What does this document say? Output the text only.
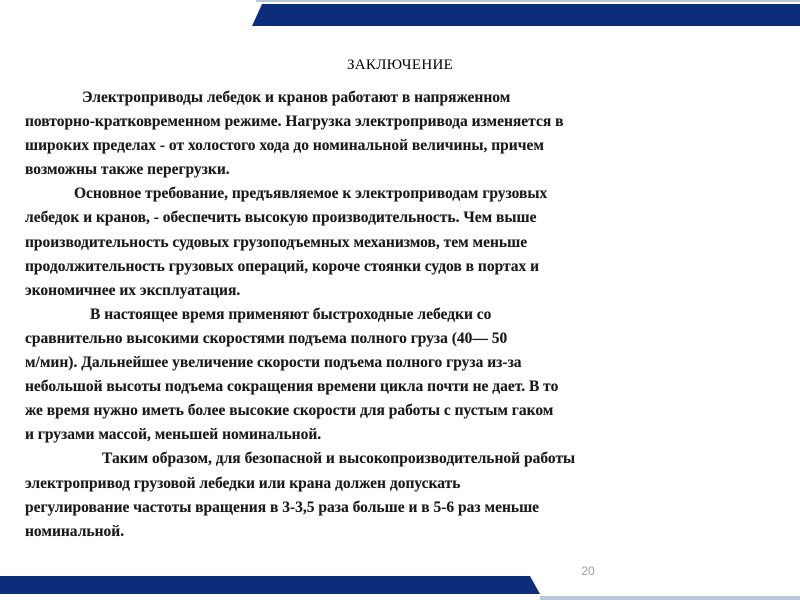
ЗАКЛЮЧЕНИЕ

Электроприводы лебедок и кранов работают в напряженном
повторно-кратковременном режиме. Нагрузка электропривода изменяется в
широких пределах - от холостого хода до номинальной величины, причем
возможны также перегрузки.

Основное требование, предъявляемое к электроприводам грузовых
лебедок и кранов, - обеспечить высокую производительность. Чем выше
производительность судовых грузоподъемных механизмов, тем меньше
продолжительность грузовых операций, короче стоянки судов в портах и
экономичнее их эксплуатация.

В настоящее время применяют быстроходные лебедки со
сравнительно высокими скоростями подъема полного груза (40— 50
м/мин). Дальнейшее увеличение скорости подъема полного груза из-за
небольшой высоты подъема сокращения времени цикла почти не дает. В то
же время нужно иметь более высокие скорости для работы с пустым гаком
и грузами массой, меньшей номинальной.

Таким образом, для безопасной и высокопроизводительной работы
электропривод грузовой лебедки или крана должен допускать
регулирование частоты вращения в 3-3,5 раза больше и в 5-6 раз меньше
номинальной.

20
